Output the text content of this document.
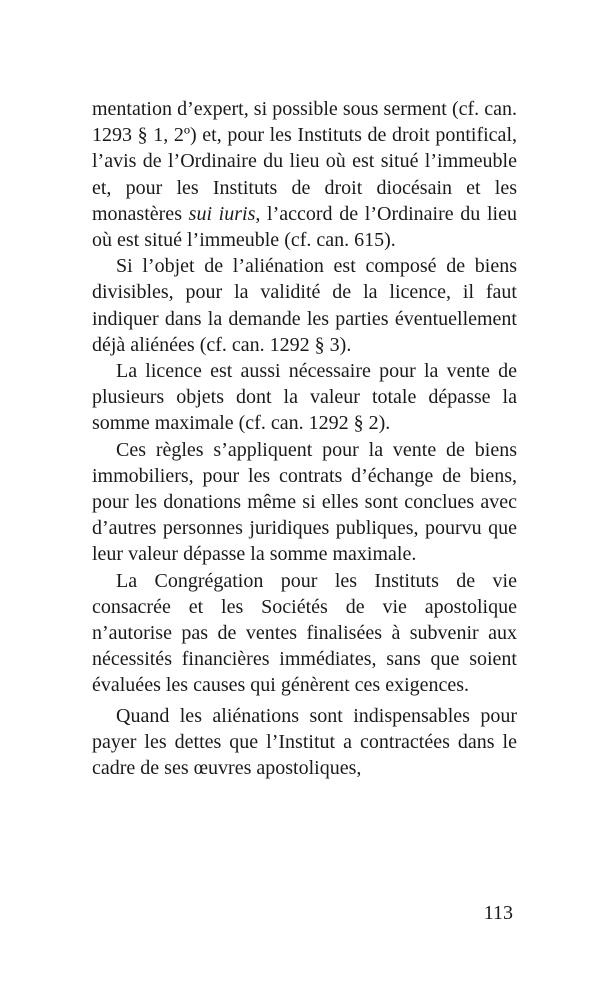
mentation d’expert, si possible sous serment (cf. can. 1293 § 1, 2º) et, pour les Instituts de droit pontifical, l’avis de l’Ordinaire du lieu où est situé l’immeuble et, pour les Instituts de droit diocésain et les monastères sui iuris, l’accord de l’Ordinaire du lieu où est situé l’immeuble (cf. can. 615).

Si l’objet de l’aliénation est composé de biens divisibles, pour la validité de la licence, il faut indiquer dans la demande les parties éventuellement déjà aliénées (cf. can. 1292 § 3).

La licence est aussi nécessaire pour la vente de plusieurs objets dont la valeur totale dépasse la somme maximale (cf. can. 1292 § 2).

Ces règles s’appliquent pour la vente de biens immobiliers, pour les contrats d’échange de biens, pour les donations même si elles sont conclues avec d’autres personnes juridiques publiques, pourvu que leur valeur dépasse la somme maximale.

La Congrégation pour les Instituts de vie consacrée et les Sociétés de vie apostolique n’autorise pas de ventes finalisées à subvenir aux nécessités financières immédiates, sans que soient évaluées les causes qui génèrent ces exigences.

Quand les aliénations sont indispensables pour payer les dettes que l’Institut a contractées dans le cadre de ses œuvres apostoliques,

113
